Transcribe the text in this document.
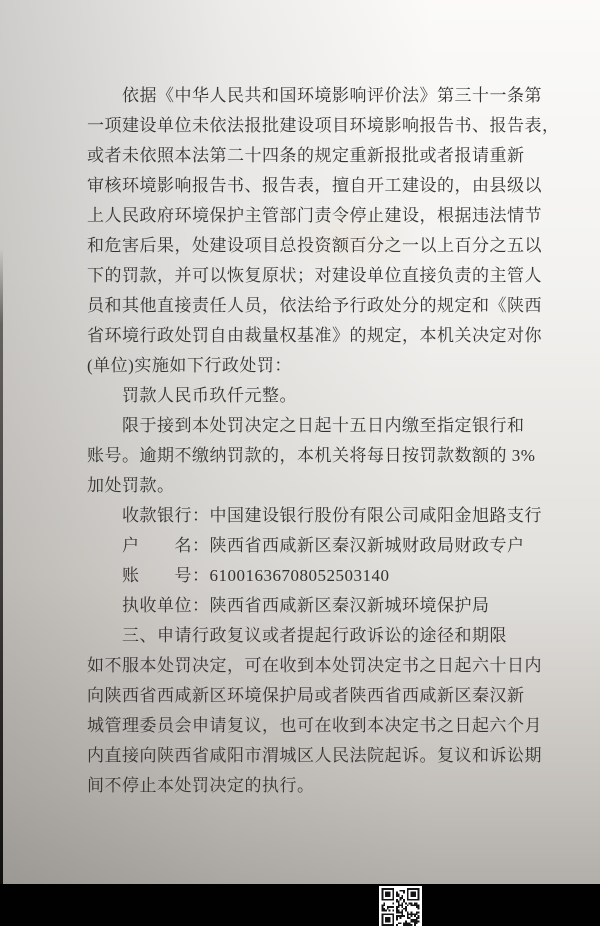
依据《中华人民共和国环境影响评价法》第三十一条第
一项建设单位未依法报批建设项目环境影响报告书、报告表，
或者未依照本法第二十四条的规定重新报批或者报请重新
审核环境影响报告书、报告表，擅自开工建设的，由县级以
上人民政府环境保护主管部门责令停止建设，根据违法情节
和危害后果，处建设项目总投资额百分之一以上百分之五以
下的罚款，并可以恢复原状；对建设单位直接负责的主管人
员和其他直接责任人员，依法给予行政处分的规定和《陕西
省环境行政处罚自由裁量权基准》的规定，本机关决定对你
(单位)实施如下行政处罚：
罚款人民币玖仟元整。
限于接到本处罚决定之日起十五日内缴至指定银行和
账号。逾期不缴纳罚款的，本机关将每日按罚款数额的 3%
加处罚款。
收款银行：中国建设银行股份有限公司咸阳金旭路支行
户　　名：陕西省西咸新区秦汉新城财政局财政专户
账　　号：61001636708052503140
执收单位：陕西省西咸新区秦汉新城环境保护局
三、申请行政复议或者提起行政诉讼的途径和期限
如不服本处罚决定，可在收到本处罚决定书之日起六十日内
向陕西省西咸新区环境保护局或者陕西省西咸新区秦汉新
城管理委员会申请复议，也可在收到本决定书之日起六个月
内直接向陕西省咸阳市渭城区人民法院起诉。复议和诉讼期
间不停止本处罚决定的执行。
